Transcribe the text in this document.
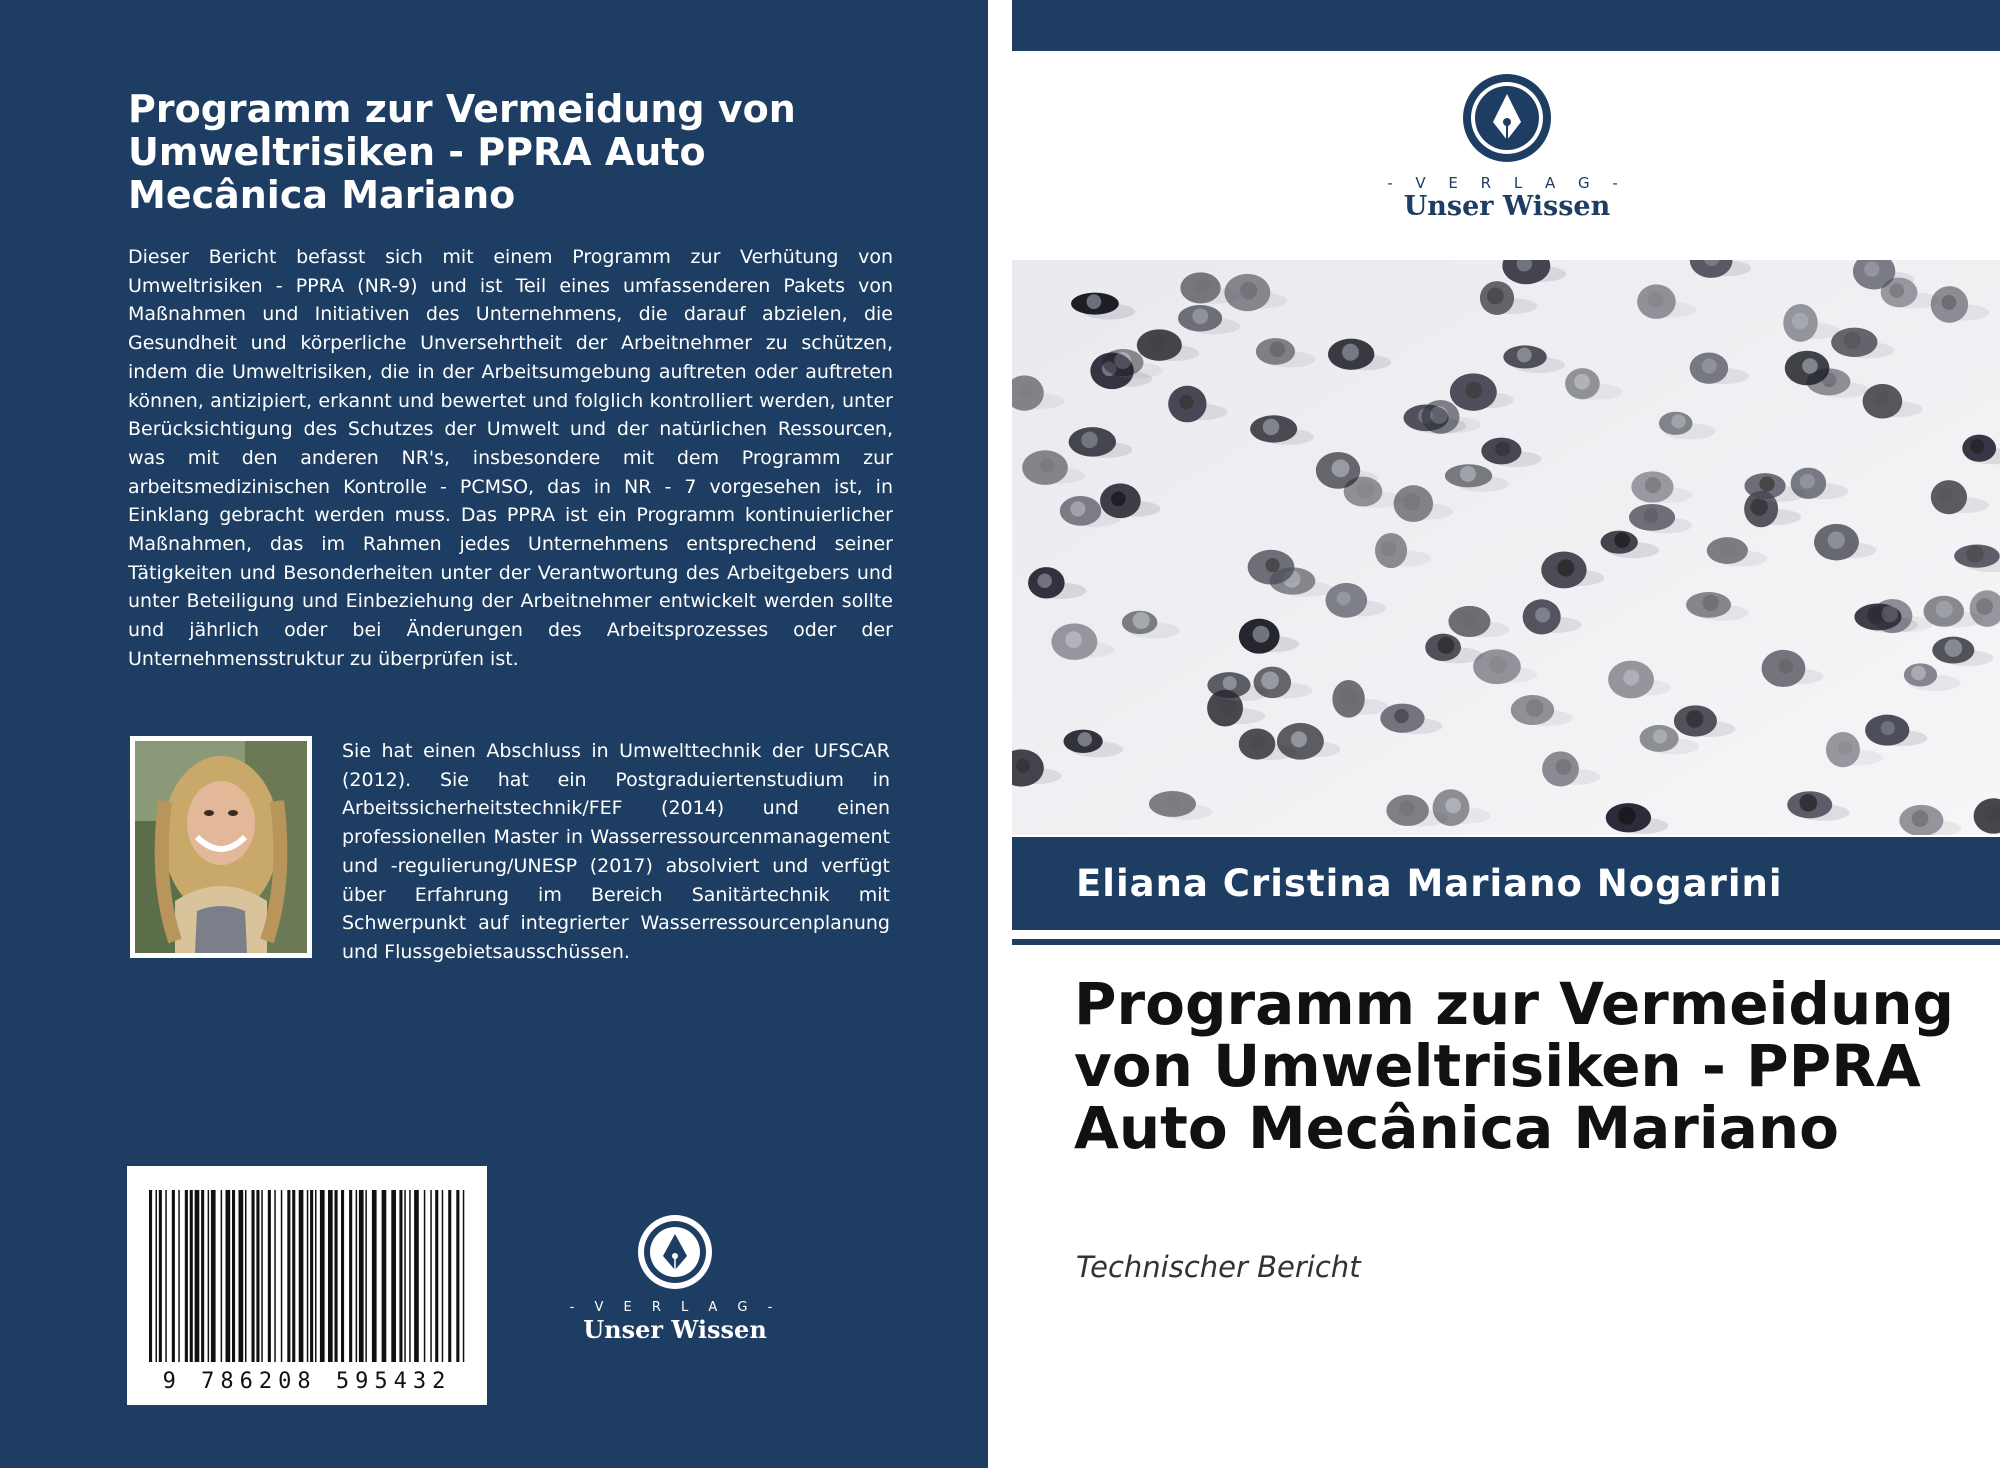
Programm zur Vermeidung von Umweltrisiken - PPRA Auto Mecânica Mariano

Dieser Bericht befasst sich mit einem Programm zur Verhütung von Umweltrisiken - PPRA (NR-9) und ist Teil eines umfassenderen Pakets von Maßnahmen und Initiativen des Unternehmens, die darauf abzielen, die Gesundheit und körperliche Unversehrtheit der Arbeitnehmer zu schützen, indem die Umweltrisiken, die in der Arbeitsumgebung auftreten oder auftreten können, antizipiert, erkannt und bewertet und folglich kontrolliert werden, unter Berücksichtigung des Schutzes der Umwelt und der natürlichen Ressourcen, was mit den anderen NR's, insbesondere mit dem Programm zur arbeitsmedizinischen Kontrolle - PCMSO, das in NR - 7 vorgesehen ist, in Einklang gebracht werden muss. Das PPRA ist ein Programm kontinuierlicher Maßnahmen, das im Rahmen jedes Unternehmens entsprechend seiner Tätigkeiten und Besonderheiten unter der Verantwortung des Arbeitgebers und unter Beteiligung und Einbeziehung der Arbeitnehmer entwickelt werden sollte und jährlich oder bei Änderungen des Arbeitsprozesses oder der Unternehmensstruktur zu überprüfen ist.

Sie hat einen Abschluss in Umwelttechnik der UFSCAR (2012). Sie hat ein Postgraduiertenstudium in Arbeitssicherheitstechnik/FEF (2014) und einen professionellen Master in Wasserressourcenmanagement und -regulierung/UNESP (2017) absolviert und verfügt über Erfahrung im Bereich Sanitärtechnik mit Schwerpunkt auf integrierter Wasserressourcenplanung und Flussgebietsausschüssen.

9 786208 595432
- V E R L A G -
Unser Wissen
- V E R L A G -
Unser Wissen
Eliana Cristina Mariano Nogarini
Programm zur Vermeidung von Umweltrisiken - PPRA Auto Mecânica Mariano

Technischer Bericht
